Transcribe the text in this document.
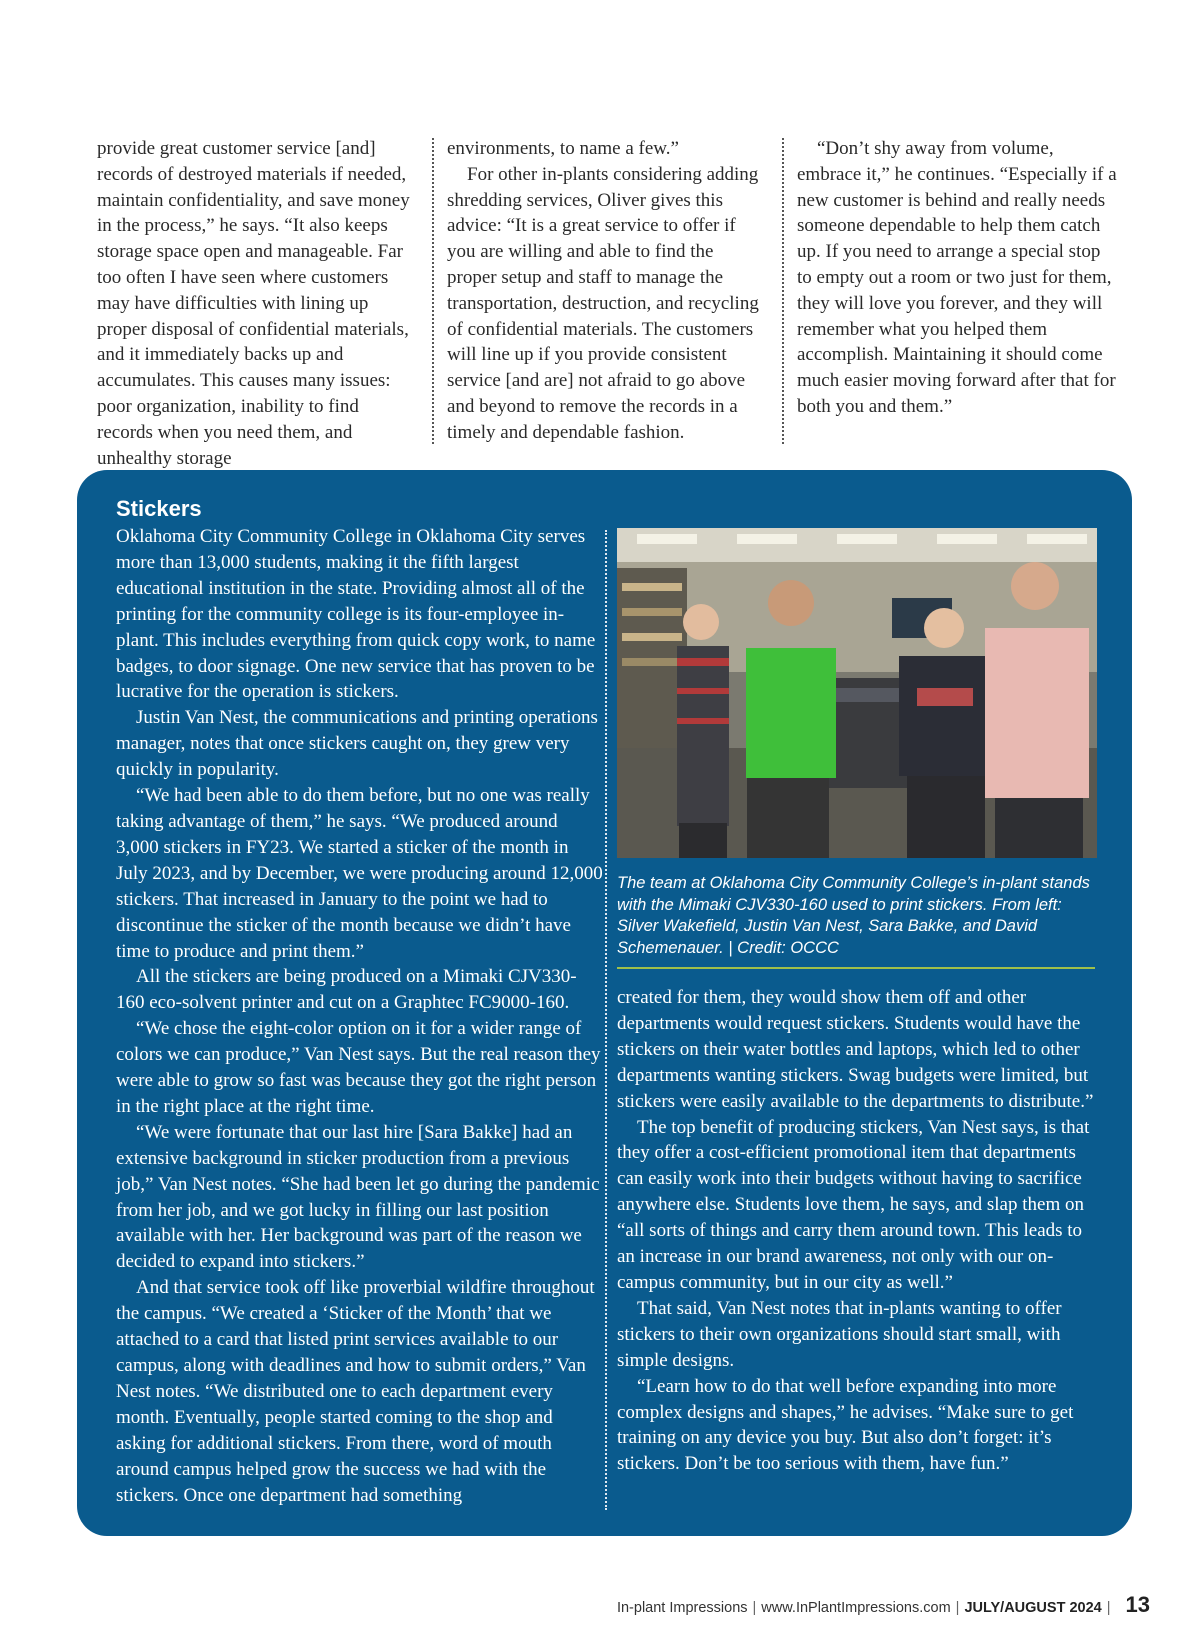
provide great customer service [and] records of destroyed materials if needed, maintain confidentiality, and save money in the process,” he says. “It also keeps storage space open and manageable. Far too often I have seen where customers may have difficulties with lining up proper disposal of confidential materials, and it immediately backs up and accumulates. This causes many issues: poor organization, inability to find records when you need them, and unhealthy storage

environments, to name a few.”

For other in-plants considering adding shredding services, Oliver gives this advice: “It is a great service to offer if you are willing and able to find the proper setup and staff to manage the transportation, destruction, and recycling of confidential materials. The customers will line up if you provide consistent service [and are] not afraid to go above and beyond to remove the records in a timely and dependable fashion.

“Don’t shy away from volume, embrace it,” he continues. “Especially if a new customer is behind and really needs someone dependable to help them catch up. If you need to arrange a special stop to empty out a room or two just for them, they will love you forever, and they will remember what you helped them accomplish. Maintaining it should come much easier moving forward after that for both you and them.”

Stickers

Oklahoma City Community College in Oklahoma City serves more than 13,000 students, making it the fifth largest educational institution in the state. Providing almost all of the printing for the community college is its four-employee in-plant. This includes everything from quick copy work, to name badges, to door signage. One new service that has proven to be lucrative for the operation is stickers.

Justin Van Nest, the communications and printing operations manager, notes that once stickers caught on, they grew very quickly in popularity.

“We had been able to do them before, but no one was really taking advantage of them,” he says. “We produced around 3,000 stickers in FY23. We started a sticker of the month in July 2023, and by December, we were producing around 12,000 stickers. That increased in January to the point we had to discontinue the sticker of the month because we didn’t have time to produce and print them.”

All the stickers are being produced on a Mimaki CJV330-160 eco-solvent printer and cut on a Graphtec FC9000-160.

“We chose the eight-color option on it for a wider range of colors we can produce,” Van Nest says. But the real reason they were able to grow so fast was because they got the right person in the right place at the right time.

“We were fortunate that our last hire [Sara Bakke] had an extensive background in sticker production from a previous job,” Van Nest notes. “She had been let go during the pandemic from her job, and we got lucky in filling our last position available with her. Her background was part of the reason we decided to expand into stickers.”

And that service took off like proverbial wildfire throughout the campus. “We created a ‘Sticker of the Month’ that we attached to a card that listed print services available to our campus, along with deadlines and how to submit orders,” Van Nest notes. “We distributed one to each department every month. Eventually, people started coming to the shop and asking for additional stickers. From there, word of mouth around campus helped grow the success we had with the stickers. Once one department had something

The team at Oklahoma City Community College’s in-plant stands with the Mimaki CJV330-160 used to print stickers. From left: Silver Wakefield, Justin Van Nest, Sara Bakke, and David Schemenauer. | Credit: OCCC

created for them, they would show them off and other departments would request stickers. Students would have the stickers on their water bottles and laptops, which led to other departments wanting stickers. Swag budgets were limited, but stickers were easily available to the departments to distribute.”

The top benefit of producing stickers, Van Nest says, is that they offer a cost-efficient promotional item that departments can easily work into their budgets without having to sacrifice anywhere else. Students love them, he says, and slap them on “all sorts of things and carry them around town. This leads to an increase in our brand awareness, not only with our on-campus community, but in our city as well.”

That said, Van Nest notes that in-plants wanting to offer stickers to their own organizations should start small, with simple designs.

“Learn how to do that well before expanding into more complex designs and shapes,” he advises. “Make sure to get training on any device you buy. But also don’t forget: it’s stickers. Don’t be too serious with them, have fun.”

In-plant Impressions | www.InPlantImpressions.com | JULY/AUGUST 2024 | 13
